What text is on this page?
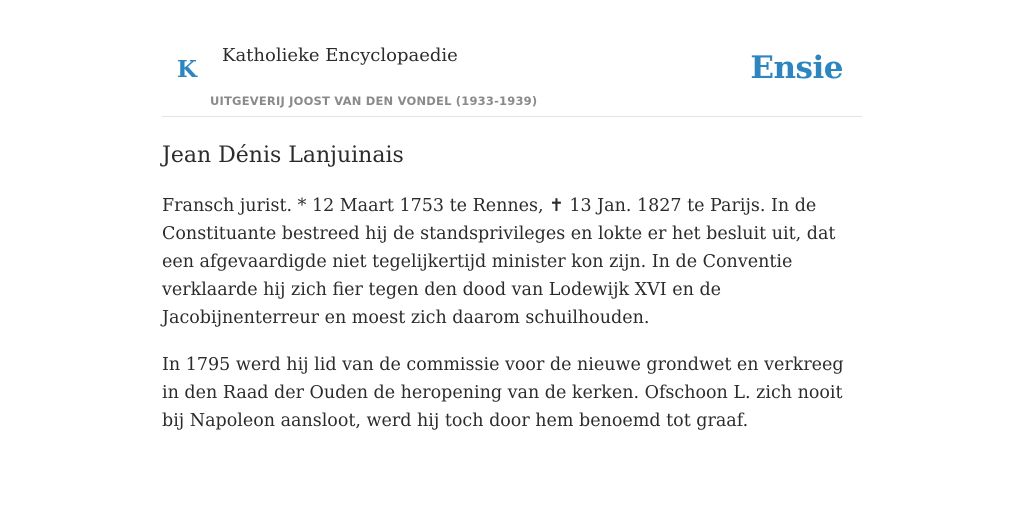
K
Katholieke Encyclopaedie
UITGEVERIJ JOOST VAN DEN VONDEL (1933-1939)
Ensie
Jean Dénis Lanjuinais

Fransch jurist. * 12 Maart 1753 te Rennes, ✝ 13 Jan. 1827 te Parijs. In de Constituante bestreed hij de standsprivileges en lokte er het besluit uit, dat een afgevaardigde niet tegelijkertijd minister kon zijn. In de Conventie verklaarde hij zich fier tegen den dood van Lodewijk XVI en de Jacobijnenterreur en moest zich daarom schuilhouden.

In 1795 werd hij lid van de commissie voor de nieuwe grondwet en verkreeg in den Raad der Ouden de heropening van de kerken. Ofschoon L. zich nooit bij Napoleon aansloot, werd hij toch door hem benoemd tot graaf.
